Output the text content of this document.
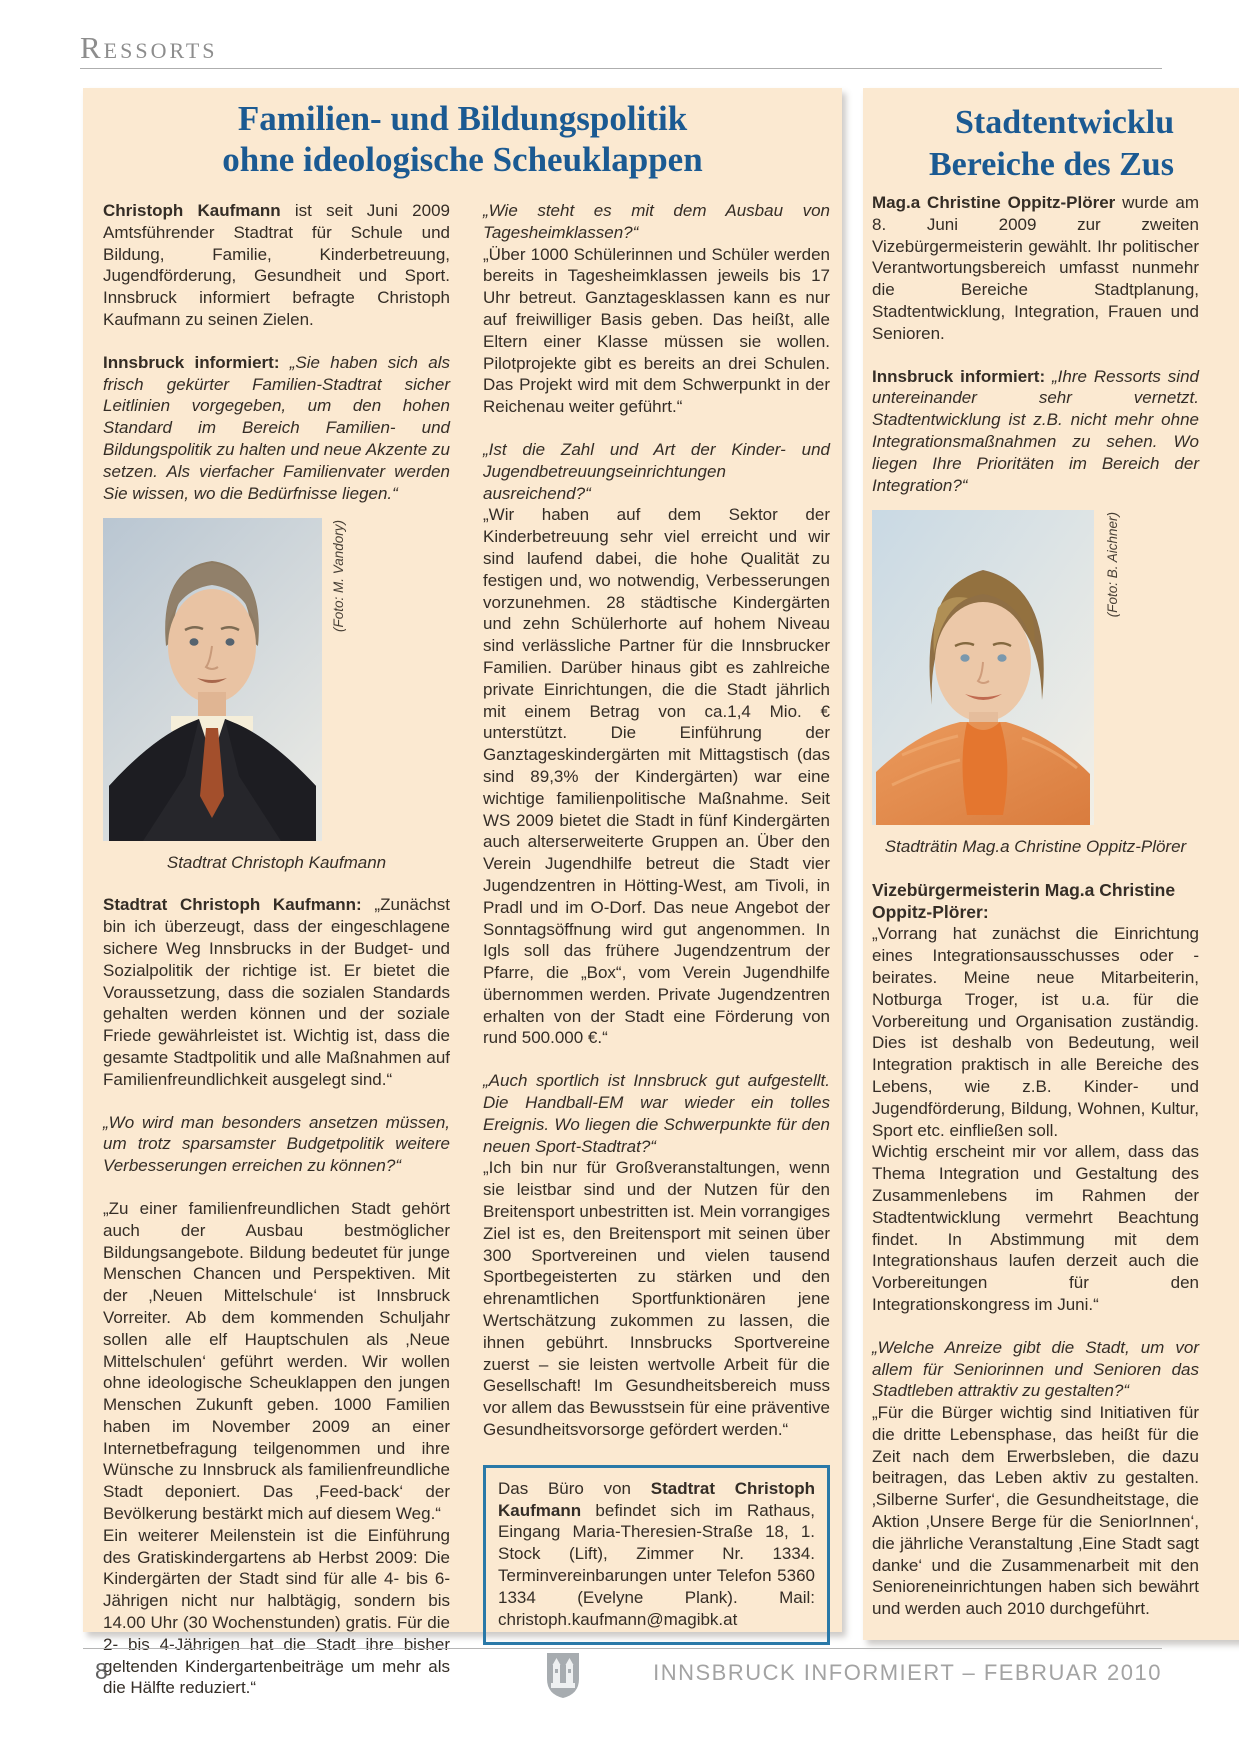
Ressorts
Familien- und Bildungspolitik
ohne ideologische Scheuklappen

Christoph Kaufmann ist seit Juni 2009 Amtsführender Stadtrat für Schule und Bildung, Familie, Kinderbetreuung, Jugendförderung, Gesundheit und Sport. Innsbruck informiert befragte Christoph Kaufmann zu seinen Zielen.

Innsbruck informiert: „Sie haben sich als frisch gekürter Familien-Stadtrat sicher Leitlinien vorgegeben, um den hohen Standard im Bereich Familien- und Bildungspolitik zu halten und neue Akzente zu setzen. Als vierfacher Familienvater werden Sie wissen, wo die Bedürfnisse liegen.“

(Foto: M. Vandory)

Stadtrat Christoph Kaufmann

Stadtrat Christoph Kaufmann: „Zunächst bin ich überzeugt, dass der eingeschlagene sichere Weg Innsbrucks in der Budget- und Sozialpolitik der richtige ist. Er bietet die Voraussetzung, dass die sozialen Standards gehalten werden können und der soziale Friede gewährleistet ist. Wichtig ist, dass die gesamte Stadtpolitik und alle Maßnahmen auf Familienfreundlichkeit ausgelegt sind.“

„Wo wird man besonders ansetzen müssen, um trotz sparsamster Budgetpolitik weitere Verbesserungen erreichen zu können?“

„Zu einer familienfreundlichen Stadt gehört auch der Ausbau bestmöglicher Bildungsangebote. Bildung bedeutet für junge Menschen Chancen und Perspektiven. Mit der ‚Neuen Mittelschule‘ ist Innsbruck Vorreiter. Ab dem kommenden Schuljahr sollen alle elf Hauptschulen als ‚Neue Mittelschulen‘ geführt werden. Wir wollen ohne ideologische Scheuklappen den jungen Menschen Zukunft geben. 1000 Familien haben im November 2009 an einer Internetbefragung teilgenommen und ihre Wünsche zu Innsbruck als familienfreundliche Stadt deponiert. Das ‚Feed-back‘ der Bevölkerung bestärkt mich auf diesem Weg.“

Ein weiterer Meilenstein ist die Einführung des Gratiskindergartens ab Herbst 2009: Die Kindergärten der Stadt sind für alle 4- bis 6-Jährigen nicht nur halbtägig, sondern bis 14.00 Uhr (30 Wochenstunden) gratis. Für die 2- bis 4-Jährigen hat die Stadt ihre bisher geltenden Kindergartenbeiträge um mehr als die Hälfte reduziert.“

„Wie steht es mit dem Ausbau von Tagesheimklassen?“

„Über 1000 Schülerinnen und Schüler werden bereits in Tagesheimklassen jeweils bis 17 Uhr betreut. Ganztagesklassen kann es nur auf freiwilliger Basis geben. Das heißt, alle Eltern einer Klasse müssen sie wollen. Pilotprojekte gibt es bereits an drei Schulen. Das Projekt wird mit dem Schwerpunkt in der Reichenau weiter geführt.“

„Ist die Zahl und Art der Kinder- und Jugendbetreuungseinrichtungen ausreichend?“

„Wir haben auf dem Sektor der Kinderbetreuung sehr viel erreicht und wir sind laufend dabei, die hohe Qualität zu festigen und, wo notwendig, Verbesserungen vorzunehmen. 28 städtische Kindergärten und zehn Schülerhorte auf hohem Niveau sind verlässliche Partner für die Innsbrucker Familien. Darüber hinaus gibt es zahlreiche private Einrichtungen, die die Stadt jährlich mit einem Betrag von ca.1,4 Mio. € unterstützt. Die Einführung der Ganztageskindergärten mit Mittagstisch (das sind 89,3% der Kindergärten) war eine wichtige familienpolitische Maßnahme. Seit WS 2009 bietet die Stadt in fünf Kindergärten auch alterserweiterte Gruppen an. Über den Verein Jugendhilfe betreut die Stadt vier Jugendzentren in Hötting-West, am Tivoli, in Pradl und im O-Dorf. Das neue Angebot der Sonntagsöffnung wird gut angenommen. In Igls soll das frühere Jugendzentrum der Pfarre, die „Box“, vom Verein Jugendhilfe übernommen werden. Private Jugendzentren erhalten von der Stadt eine Förderung von rund 500.000 €.“

„Auch sportlich ist Innsbruck gut aufgestellt. Die Handball-EM war wieder ein tolles Ereignis. Wo liegen die Schwerpunkte für den neuen Sport-Stadtrat?“

„Ich bin nur für Großveranstaltungen, wenn sie leistbar sind und der Nutzen für den Breitensport unbestritten ist. Mein vorrangiges Ziel ist es, den Breitensport mit seinen über 300 Sportvereinen und vielen tausend Sportbegeisterten zu stärken und den ehrenamtlichen Sportfunktionären jene Wertschätzung zukommen zu lassen, die ihnen gebührt. Innsbrucks Sportvereine zuerst – sie leisten wertvolle Arbeit für die Gesellschaft! Im Gesundheitsbereich muss vor allem das Bewusstsein für eine präventive Gesundheitsvorsorge gefördert werden.“

Das Büro von Stadtrat Christoph Kaufmann befindet sich im Rathaus, Eingang Maria-Theresien-Straße 18, 1. Stock (Lift), Zimmer Nr. 1334. Terminvereinbarungen unter Telefon 5360 1334 (Evelyne Plank). Mail: christoph.kaufmann@magibk.at
Stadtentwicklu
Bereiche des Zus

Mag.a Christine Oppitz-Plörer wurde am 8. Juni 2009 zur zweiten Vizebürgermeisterin gewählt. Ihr politischer Verantwortungsbereich umfasst nunmehr die Bereiche Stadtplanung, Stadtentwicklung, Integration, Frauen und Senioren.

Innsbruck informiert: „Ihre Ressorts sind untereinander sehr vernetzt. Stadtentwicklung ist z.B. nicht mehr ohne Integrationsmaßnahmen zu sehen. Wo liegen Ihre Prioritäten im Bereich der Integration?“

(Foto: B. Aichner)

Stadträtin Mag.a Christine Oppitz-Plörer

Vizebürgermeisterin Mag.a Christine Oppitz-Plörer:

„Vorrang hat zunächst die Einrichtung eines Integrationsausschusses oder -beirates. Meine neue Mitarbeiterin, Notburga Troger, ist u.a. für die Vorbereitung und Organisation zuständig. Dies ist deshalb von Bedeutung, weil Integration praktisch in alle Bereiche des Lebens, wie z.B. Kinder- und Jugendförderung, Bildung, Wohnen, Kultur, Sport etc. einfließen soll.

Wichtig erscheint mir vor allem, dass das Thema Integration und Gestaltung des Zusammenlebens im Rahmen der Stadtentwicklung vermehrt Beachtung findet. In Abstimmung mit dem Integrationshaus laufen derzeit auch die Vorbereitungen für den Integrationskongress im Juni.“

„Welche Anreize gibt die Stadt, um vor allem für Seniorinnen und Senioren das Stadtleben attraktiv zu gestalten?“

„Für die Bürger wichtig sind Initiativen für die dritte Lebensphase, das heißt für die Zeit nach dem Erwerbsleben, die dazu beitragen, das Leben aktiv zu gestalten. ‚Silberne Surfer‘, die Gesundheitstage, die Aktion ‚Unsere Berge für die SeniorInnen‘, die jährliche Veranstaltung ‚Eine Stadt sagt danke‘ und die Zusammenarbeit mit den Senioreneinrichtungen haben sich bewährt und werden auch 2010 durchgeführt.

8	INNSBRUCK INFORMIERT – FEBRUAR 2010
